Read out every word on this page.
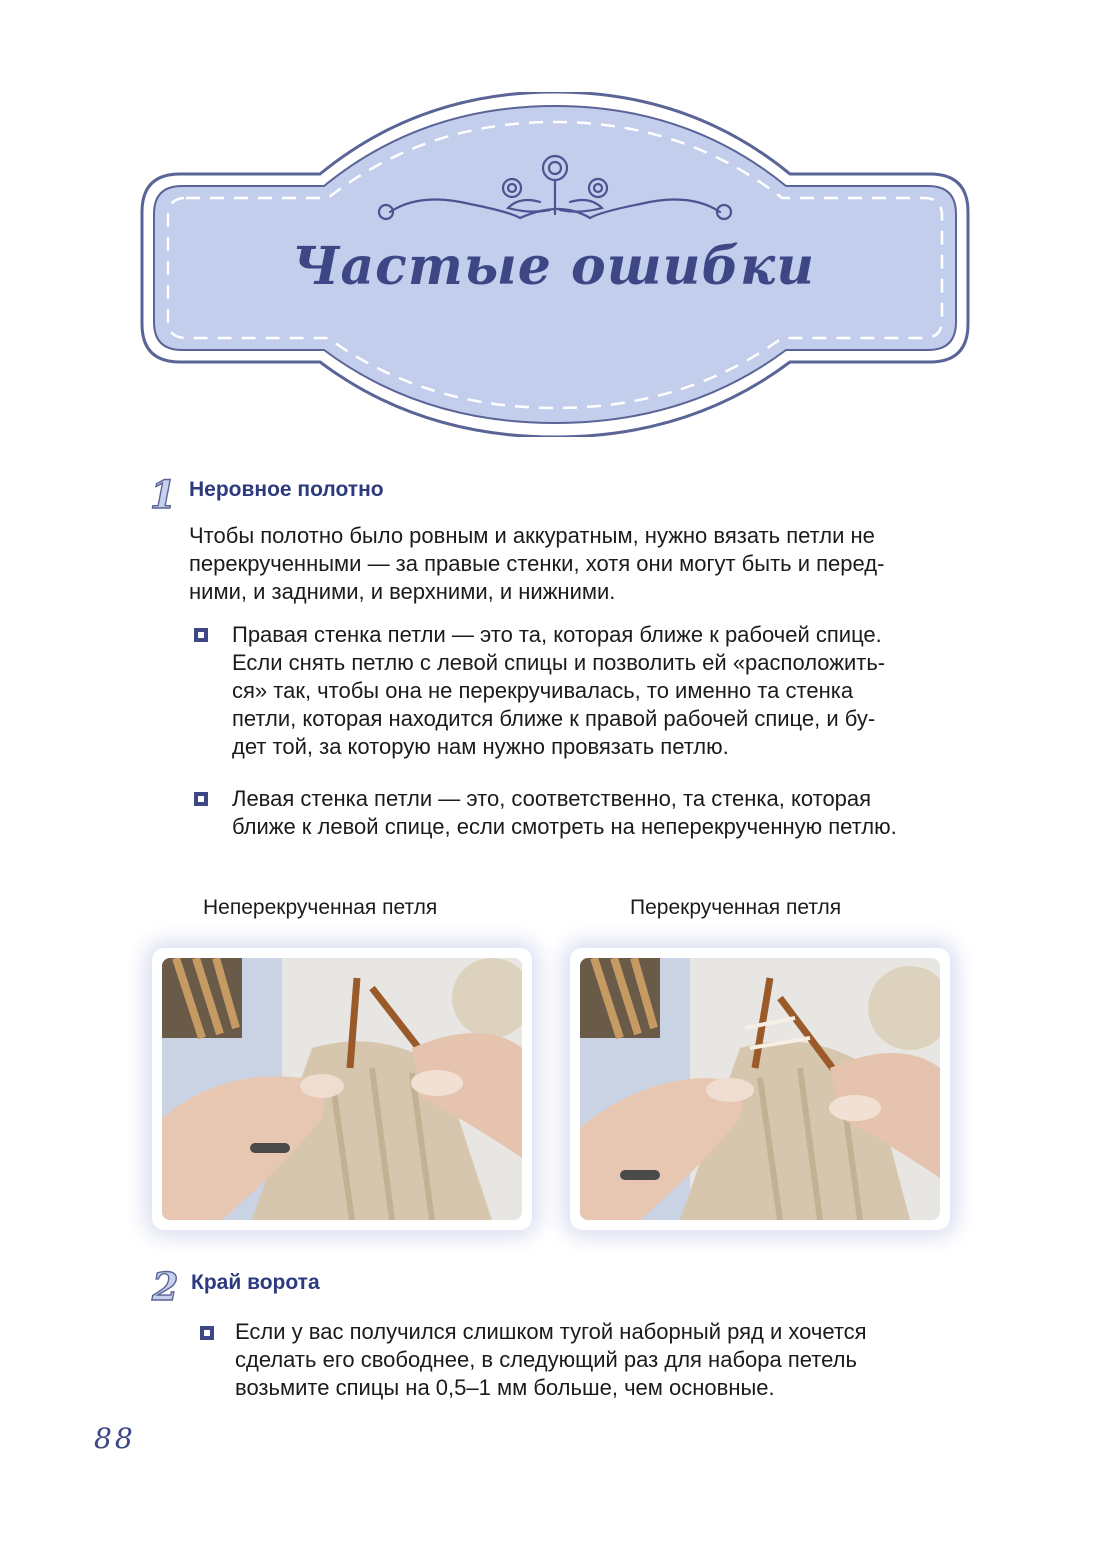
Частые ошибки
1 Неровное полотно
Чтобы полотно было ровным и аккуратным, нужно вязать петли не
перекрученными — за правые стенки, хотя они могут быть и перед-
ними, и задними, и верхними, и нижними.
Правая стенка петли — это та, которая ближе к рабочей спице.
Если снять петлю с левой спицы и позволить ей «расположить-
ся» так, чтобы она не перекручивалась, то именно та стенка
петли, которая находится ближе к правой рабочей спице, и бу-
дет той, за которую нам нужно провязать петлю.
Левая стенка петли — это, соответственно, та стенка, которая
ближе к левой спице, если смотреть на неперекрученную петлю.
Неперекрученная петля	Перекрученная петля
2 Край ворота
Если у вас получился слишком тугой наборный ряд и хочется
сделать его свободнее, в следующий раз для набора петель
возьмите спицы на 0,5–1 мм больше, чем основные.
88
